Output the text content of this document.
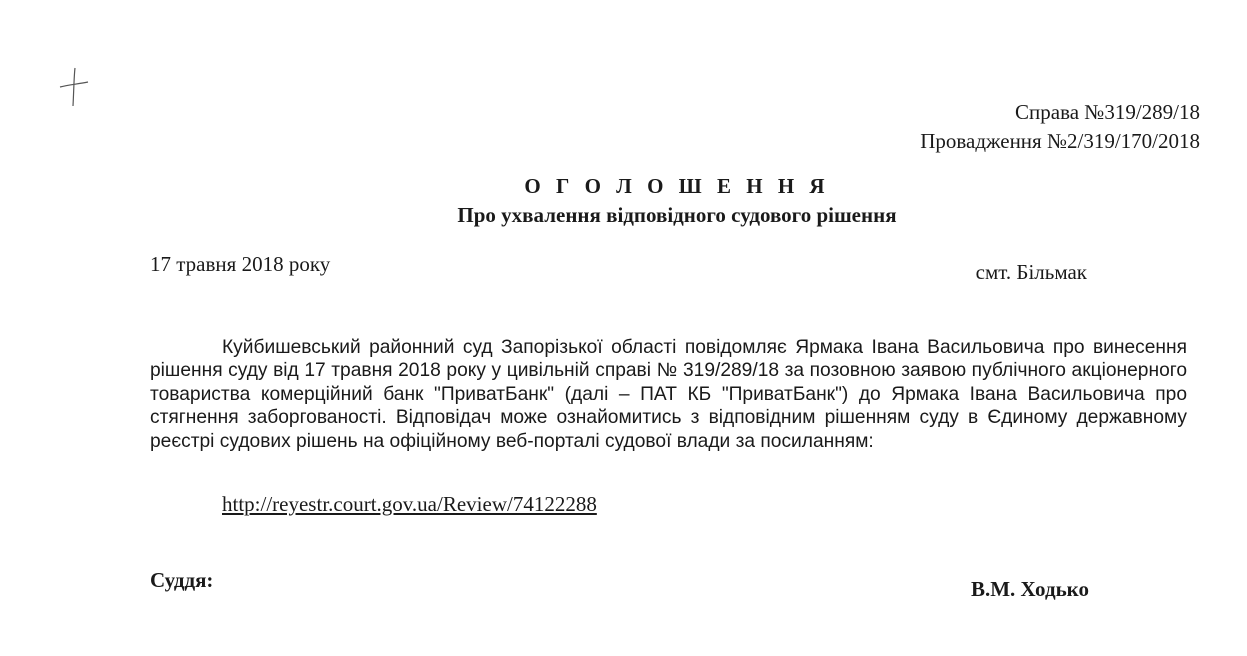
Справа №319/289/18
Провадження №2/319/170/2018
О Г О Л О Ш Е Н Н Я
Про ухвалення відповідного судового рішення
17 травня 2018 року	смт. Більмак

Куйбишевський районний суд Запорізької області повідомляє Ярмака Івана Васильовича про винесення рішення суду від 17 травня 2018 року у цивільній справі № 319/289/18 за позовною заявою публічного акціонерного товариства комерційний банк "ПриватБанк" (далі – ПАТ КБ "ПриватБанк") до Ярмака Івана Васильовича про стягнення заборгованості. Відповідач може ознайомитись з відповідним рішенням суду в Єдиному державному реєстрі судових рішень на офіційному веб-порталі судової влади за посиланням:

http://reyestr.court.gov.ua/Review/74122288
Суддя:	В.М. Ходько
